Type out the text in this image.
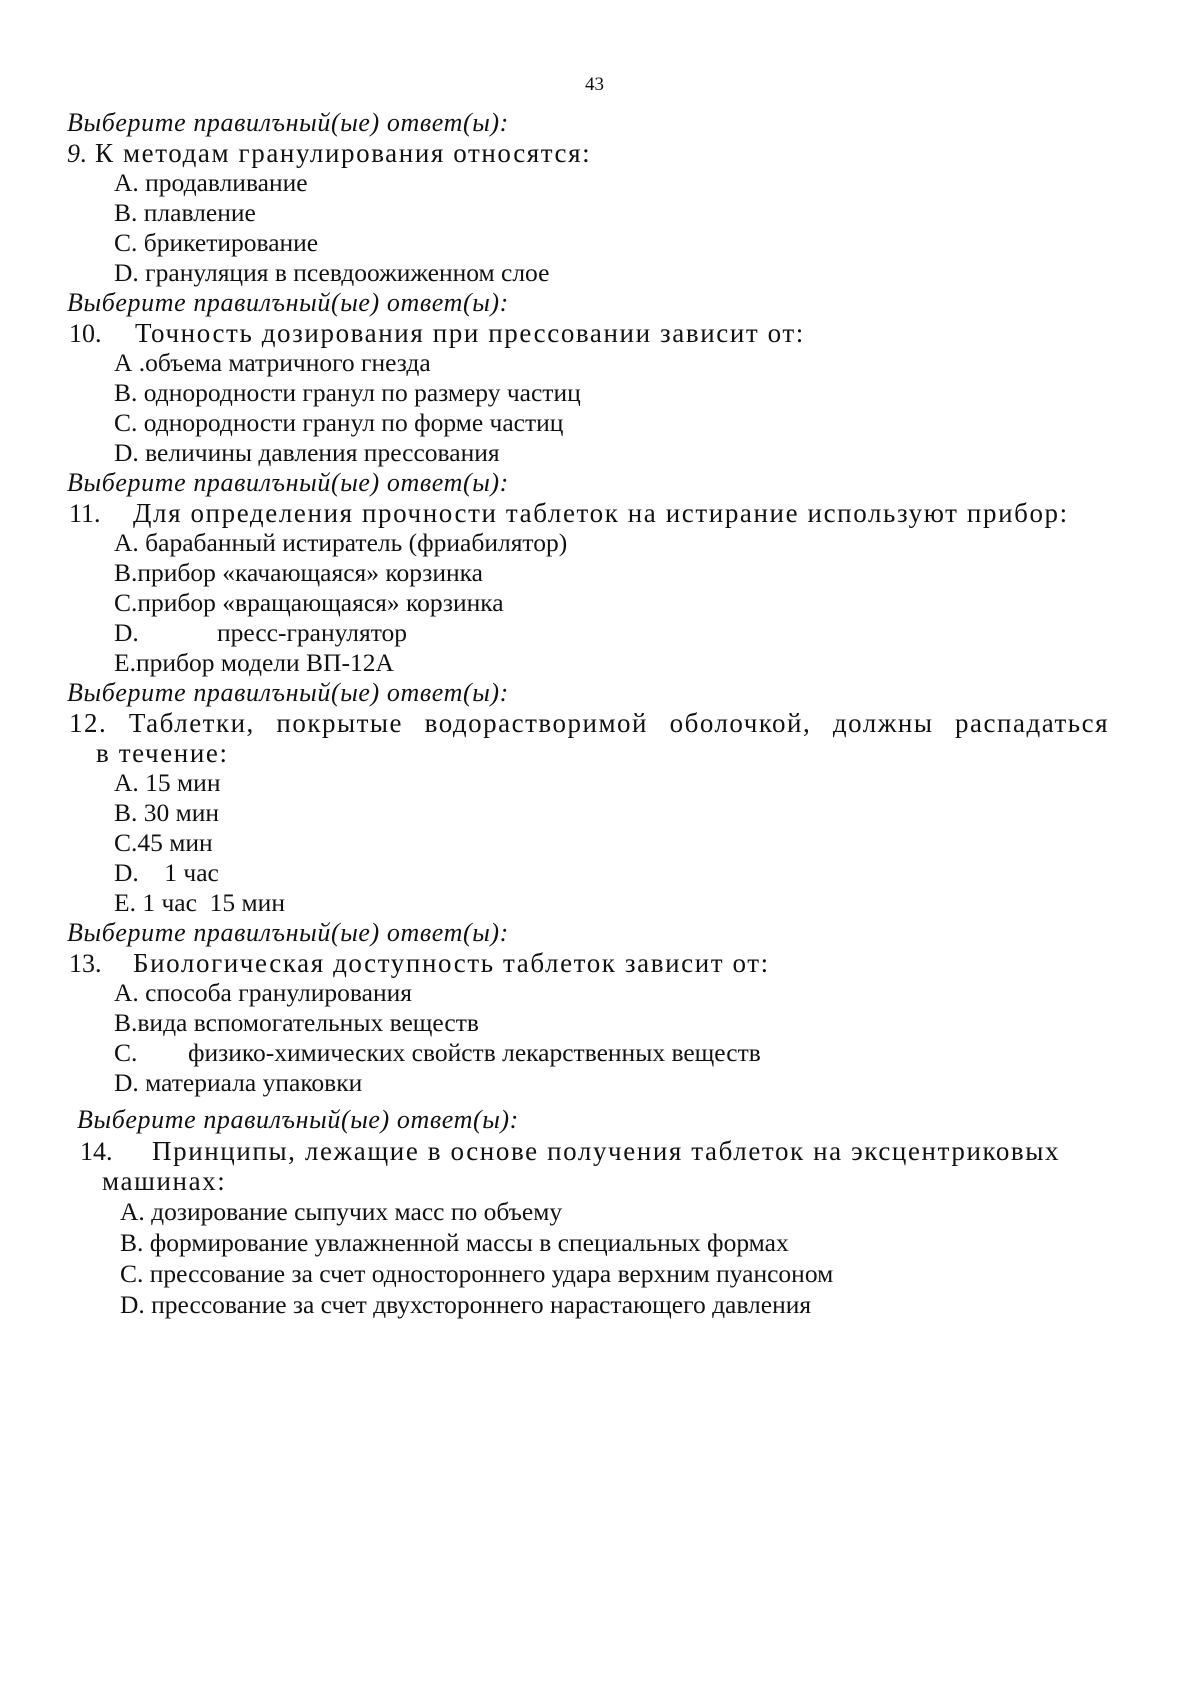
43
Выберите правилъный(ые) ответ(ы):
9. К методам гранулирования относятся:
А. продавливание
В. плавление
С. брикетирование
D. грануляция в псевдоожиженном слое
Выберите правилъный(ые) ответ(ы):
10. Точность дозирования при прессовании зависит от:
А .объема матричного гнезда
В. однородности гранул по размеру частиц
С. однородности гранул по форме частиц
D. величины давления прессования
Выберите правилъный(ые) ответ(ы):
11. Для определения прочности таблеток на истирание используют прибор:
А. барабанный истиратель (фриабилятор)
В.прибор «качающаяся» корзинка
С.прибор «вращающаяся» корзинка
D.	пресс-гранулятор
Е.прибор модели ВП-12А
Выберите правилъный(ые) ответ(ы):
12. Таблетки, покрытые водорастворимой оболочкой, должны распадаться
в течение:
А. 15 мин
В. 30 мин
С.45 мин
D.    1 час
Е. 1 час  15 мин
Выберите правилъный(ые) ответ(ы):
13. Биологическая доступность таблеток зависит от:
А. способа гранулирования
В.вида вспомогательных веществ
С. физико-химических свойств лекарственных веществ
D. материала упаковки
Выберите правилъный(ые) ответ(ы):
14. Принципы, лежащие в основе получения таблеток на эксцентриковых
машинах:
А. дозирование сыпучих масс по объему
В. формирование увлажненной массы в специальных формах
С. прессование за счет одностороннего удара верхним пуансоном
D. прессование за счет двухстороннего нарастающего давления
